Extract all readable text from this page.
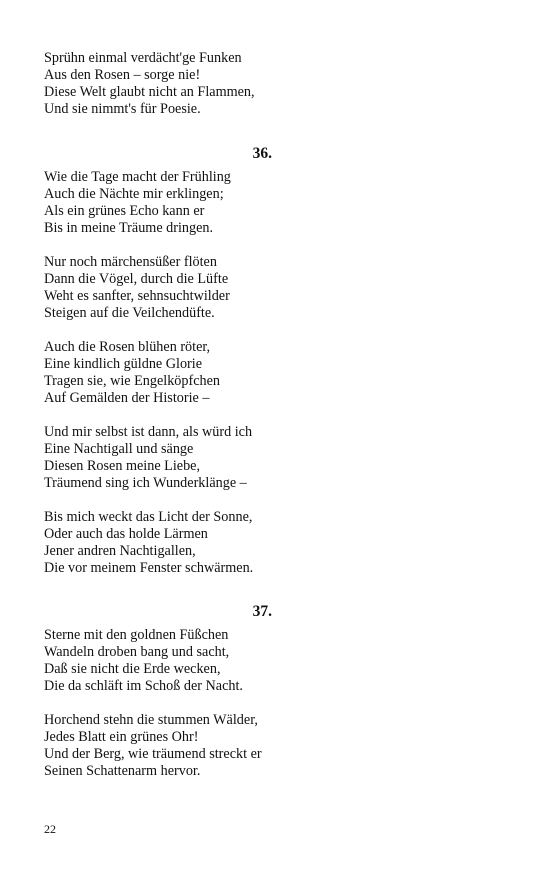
Sprühn einmal verdächt'ge Funken
Aus den Rosen – sorge nie!
Diese Welt glaubt nicht an Flammen,
Und sie nimmt's für Poesie.

36.

Wie die Tage macht der Frühling
Auch die Nächte mir erklingen;
Als ein grünes Echo kann er
Bis in meine Träume dringen.

Nur noch märchensüßer flöten
Dann die Vögel, durch die Lüfte
Weht es sanfter, sehnsuchtwilder
Steigen auf die Veilchendüfte.

Auch die Rosen blühen röter,
Eine kindlich güldne Glorie
Tragen sie, wie Engelköpfchen
Auf Gemälden der Historie –

Und mir selbst ist dann, als würd ich
Eine Nachtigall und sänge
Diesen Rosen meine Liebe,
Träumend sing ich Wunderklänge –

Bis mich weckt das Licht der Sonne,
Oder auch das holde Lärmen
Jener andren Nachtigallen,
Die vor meinem Fenster schwärmen.

37.

Sterne mit den goldnen Füßchen
Wandeln droben bang und sacht,
Daß sie nicht die Erde wecken,
Die da schläft im Schoß der Nacht.

Horchend stehn die stummen Wälder,
Jedes Blatt ein grünes Ohr!
Und der Berg, wie träumend streckt er
Seinen Schattenarm hervor.

22
